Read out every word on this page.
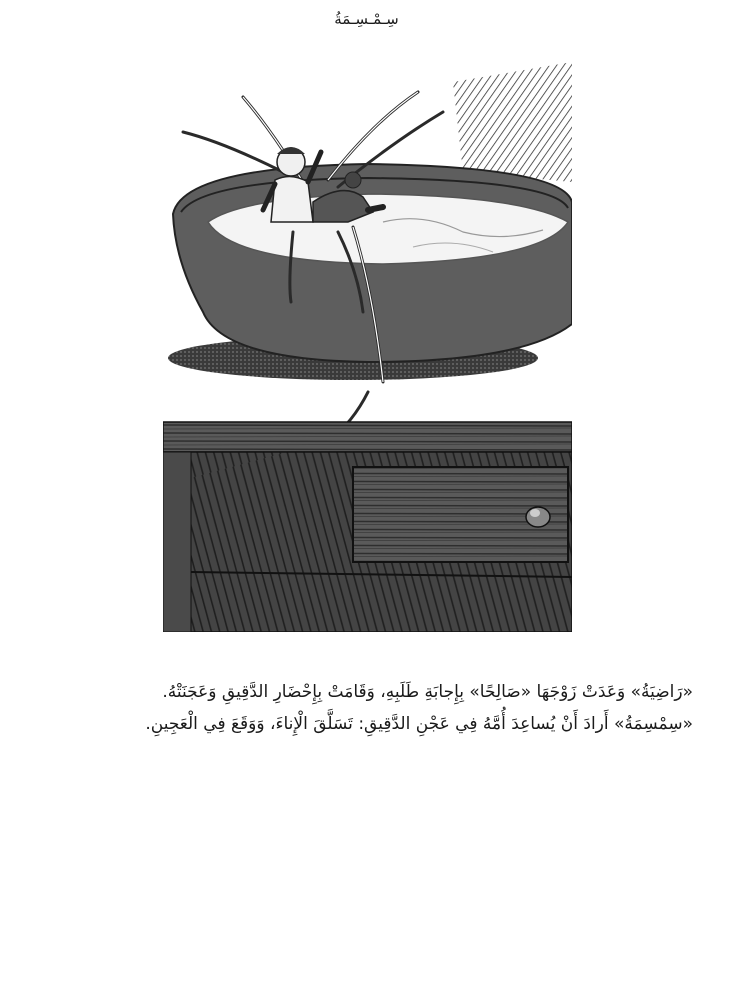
سِـمْـسِـمَةُ

«رَاضِيَةُ» وَعَدَتْ زَوْجَهَا «صَالِحًا» بِإِجابَةِ طَلَبِهِ، وَقَامَتْ بِإِحْضَارِ الدَّقِيقِ وَعَجَنَتْهُ.

«سِمْسِمَةُ» أَرادَ أَنْ يُساعِدَ أُمَّهُ فِي عَجْنِ الدَّقِيقِ: تَسَلَّقَ الْإِناءَ، وَوَقَعَ فِي الْعَجِينِ.
